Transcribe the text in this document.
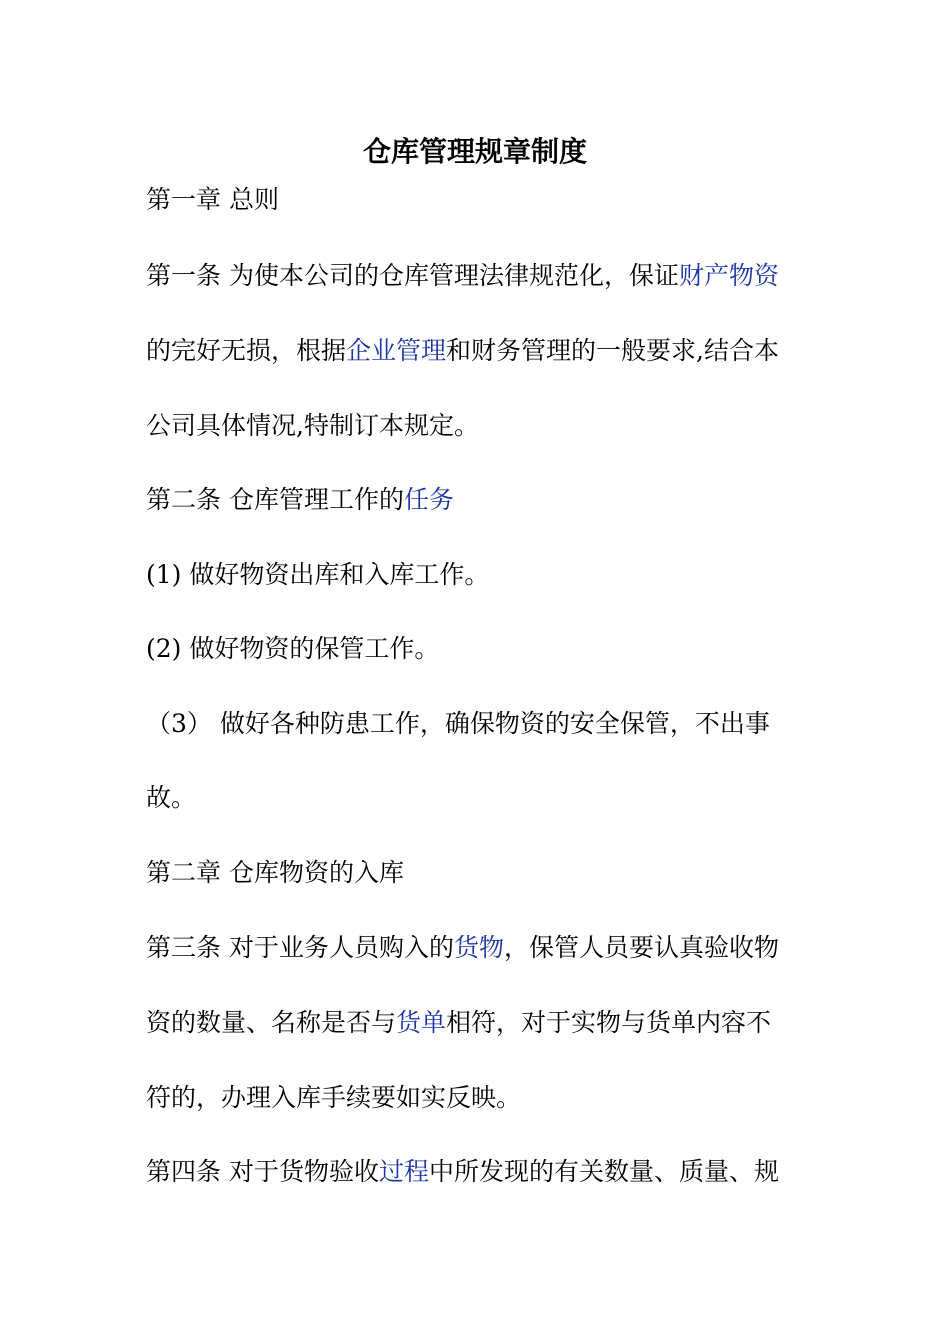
仓库管理规章制度

第一章 总则

第一条 为使本公司的仓库管理法律规范化，保证财产物资

的完好无损，根据企业管理和财务管理的一般要求,结合本

公司具体情况,特制订本规定。

第二条 仓库管理工作的任务

(1) 做好物资出库和入库工作。

(2) 做好物资的保管工作。

（3） 做好各种防患工作，确保物资的安全保管，不出事

故。

第二章 仓库物资的入库

第三条 对于业务人员购入的货物，保管人员要认真验收物

资的数量、名称是否与货单相符，对于实物与货单内容不

符的，办理入库手续要如实反映。

第四条 对于货物验收过程中所发现的有关数量、质量、规
